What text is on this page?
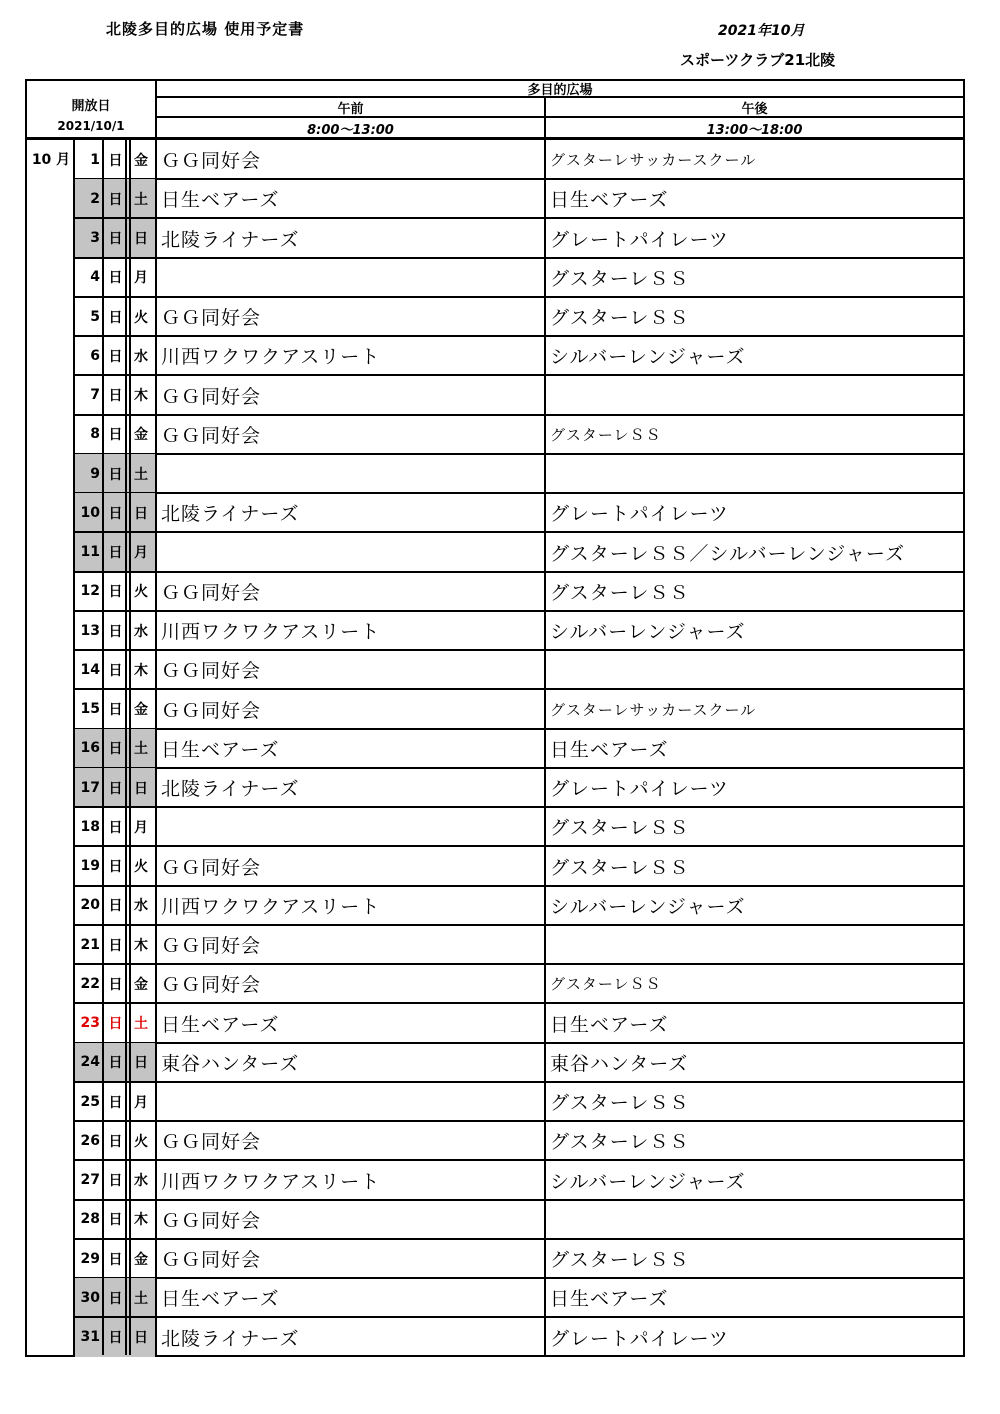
北陵多目的広場 使用予定書	2021年10月
スポーツクラブ21北陵
開放日
2021/10/1
多目的広場
午前
8:00～13:00
午後
13:00～18:00
10 月	1 日 金 ＧＧ同好会	グスターレサッカースクール
2 日 土 日生ベアーズ	日生ベアーズ
3 日 日 北陵ライナーズ	グレートパイレーツ
4 日 月	グスターレＳＳ
5 日 火 ＧＧ同好会	グスターレＳＳ
6 日 水 川西ワクワクアスリート	シルバーレンジャーズ
7 日 木 ＧＧ同好会
8 日 金 ＧＧ同好会	グスターレＳＳ
9 日 土
10 日 日 北陵ライナーズ	グレートパイレーツ
11 日 月	グスターレＳＳ／シルバーレンジャーズ
12 日 火 ＧＧ同好会	グスターレＳＳ
13 日 水 川西ワクワクアスリート	シルバーレンジャーズ
14 日 木 ＧＧ同好会
15 日 金 ＧＧ同好会	グスターレサッカースクール
16 日 土 日生ベアーズ	日生ベアーズ
17 日 日 北陵ライナーズ	グレートパイレーツ
18 日 月	グスターレＳＳ
19 日 火 ＧＧ同好会	グスターレＳＳ
20 日 水 川西ワクワクアスリート	シルバーレンジャーズ
21 日 木 ＧＧ同好会
22 日 金 ＧＧ同好会	グスターレＳＳ
23 日 土 日生ベアーズ	日生ベアーズ
24 日 日 東谷ハンターズ	東谷ハンターズ
25 日 月	グスターレＳＳ
26 日 火 ＧＧ同好会	グスターレＳＳ
27 日 水 川西ワクワクアスリート	シルバーレンジャーズ
28 日 木 ＧＧ同好会
29 日 金 ＧＧ同好会	グスターレＳＳ
30 日 土 日生ベアーズ	日生ベアーズ
31 日 日 北陵ライナーズ	グレートパイレーツ
